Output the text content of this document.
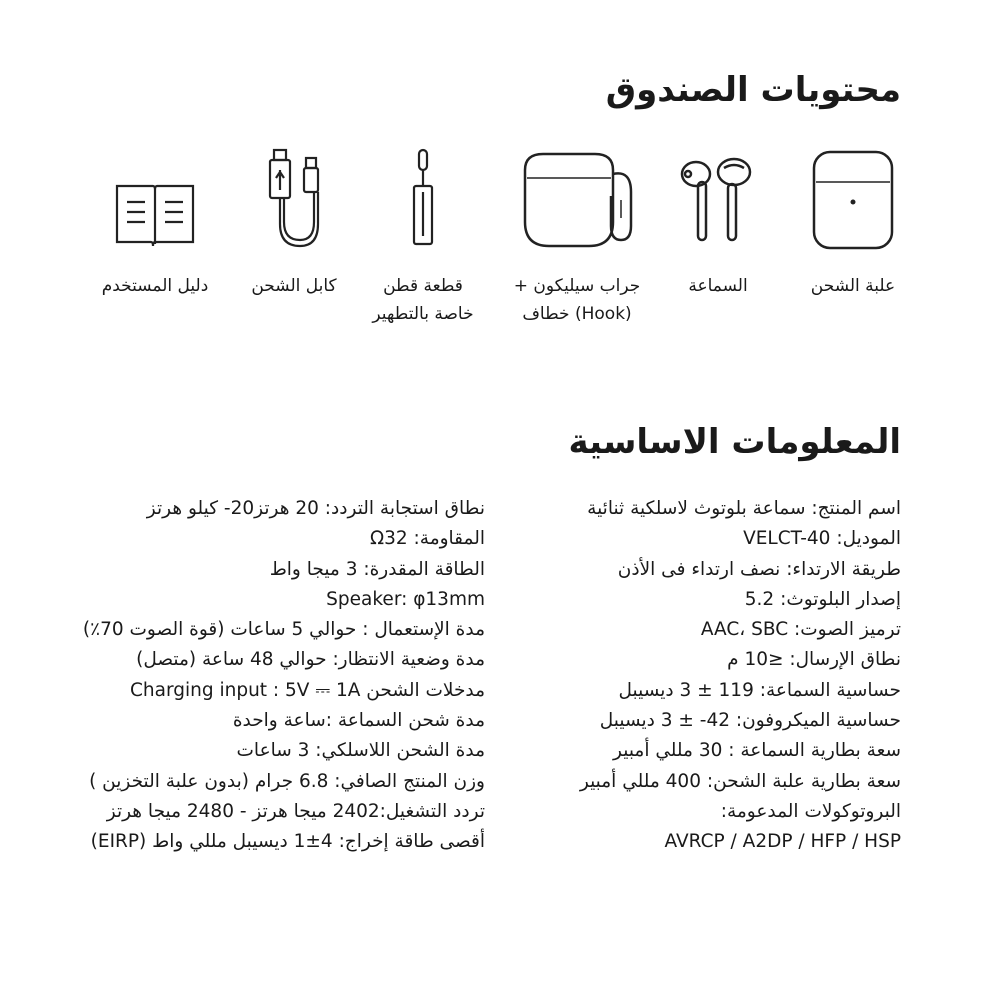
محتويات الصندوق
علبة الشحن
السماعة
جراب سيليكون +
(Hook) خطاف
قطعة قطن
خاصة بالتطهير
كابل الشحن
دليل المستخدم
المعلومات الاساسية
اسم المنتج: سماعة بلوتوث لاسلكية ثنائية
الموديل: VELCT-40
طريقة الارتداء: نصف ارتداء فى الأذن
إصدار البلوتوث: 5.2
ترميز الصوت: AAC، SBC
نطاق الإرسال: ≤10 م
حساسية السماعة: 119 ± 3 ديسيبل
حساسية الميكروفون: 42- ± 3 ديسيبل
سعة بطارية السماعة : 30 مللي أمبير
سعة بطارية علبة الشحن: 400 مللي أمبير
البروتوكولات المدعومة:
AVRCP / A2DP / HFP / HSP
نطاق استجابة التردد: 20 هرتز20- كيلو هرتز
المقاومة: Ω32
الطاقة المقدرة: 3 ميجا واط
Speaker: φ13mm
مدة الإستعمال : حوالي 5 ساعات (قوة الصوت 70٪)
مدة وضعية الانتظار: حوالي 48 ساعة (متصل)
مدخلات الشحن Charging input : 5V ⎓ 1A
مدة شحن السماعة :ساعة واحدة
مدة الشحن اللاسلكي: 3 ساعات
وزن المنتج الصافي: 6.8 جرام (بدون علبة التخزين )
تردد التشغيل:2402 ميجا هرتز - 2480 ميجا هرتز
أقصى طاقة إخراج: 4±1 ديسيبل مللي واط (EIRP)
